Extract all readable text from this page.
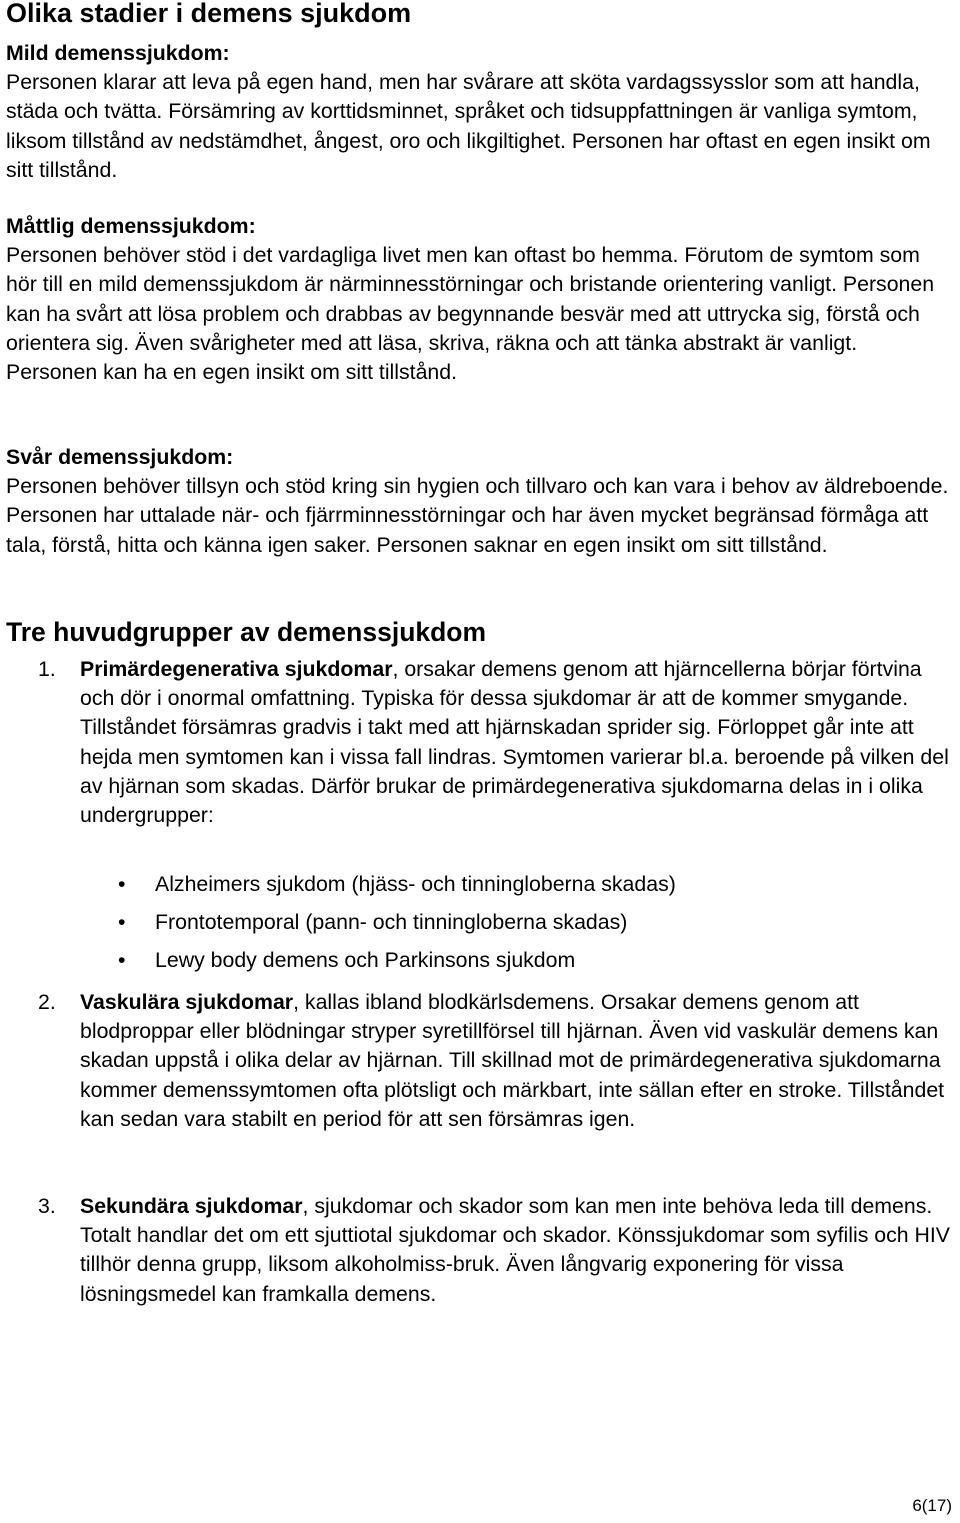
Olika stadier i demens sjukdom
Mild demenssjukdom:

Personen klarar att leva på egen hand, men har svårare att sköta vardagssysslor som att handla, städa och tvätta. Försämring av korttidsminnet, språket och tidsuppfattningen är vanliga symtom, liksom tillstånd av nedstämdhet, ångest, oro och likgiltighet. Personen har oftast en egen insikt om sitt tillstånd.

Måttlig demenssjukdom:

Personen behöver stöd i det vardagliga livet men kan oftast bo hemma. Förutom de symtom som hör till en mild demenssjukdom är närminnesstörningar och bristande orientering vanligt. Personen kan ha svårt att lösa problem och drabbas av begynnande besvär med att uttrycka sig, förstå och orientera sig. Även svårigheter med att läsa, skriva, räkna och att tänka abstrakt är vanligt. Personen kan ha en egen insikt om sitt tillstånd.

Svår demenssjukdom:

Personen behöver tillsyn och stöd kring sin hygien och tillvaro och kan vara i behov av äldreboende. Personen har uttalade när- och fjärrminnesstörningar och har även mycket begränsad förmåga att tala, förstå, hitta och känna igen saker. Personen saknar en egen insikt om sitt tillstånd.

Tre huvudgrupper av demenssjukdom
1. Primärdegenerativa sjukdomar, orsakar demens genom att hjärncellerna börjar förtvina och dör i onormal omfattning. Typiska för dessa sjukdomar är att de kommer smygande. Tillståndet försämras gradvis i takt med att hjärnskadan sprider sig. Förloppet går inte att hejda men symtomen kan i vissa fall lindras. Symtomen varierar bl.a. beroende på vilken del av hjärnan som skadas. Därför brukar de primärdegenerativa sjukdomarna delas in i olika undergrupper:
• Alzheimers sjukdom (hjäss- och tinningloberna skadas)
• Frontotemporal (pann- och tinningloberna skadas)
• Lewy body demens och Parkinsons sjukdom
2. Vaskulära sjukdomar, kallas ibland blodkärlsdemens. Orsakar demens genom att blodproppar eller blödningar stryper syretillförsel till hjärnan. Även vid vaskulär demens kan skadan uppstå i olika delar av hjärnan. Till skillnad mot de primärdegenerativa sjukdomarna kommer demenssymtomen ofta plötsligt och märkbart, inte sällan efter en stroke. Tillståndet kan sedan vara stabilt en period för att sen försämras igen.
3. Sekundära sjukdomar, sjukdomar och skador som kan men inte behöva leda till demens. Totalt handlar det om ett sjuttiotal sjukdomar och skador. Könssjukdomar som syfilis och HIV tillhör denna grupp, liksom alkoholmiss-bruk. Även långvarig exponering för vissa lösningsmedel kan framkalla demens.
6(17)
